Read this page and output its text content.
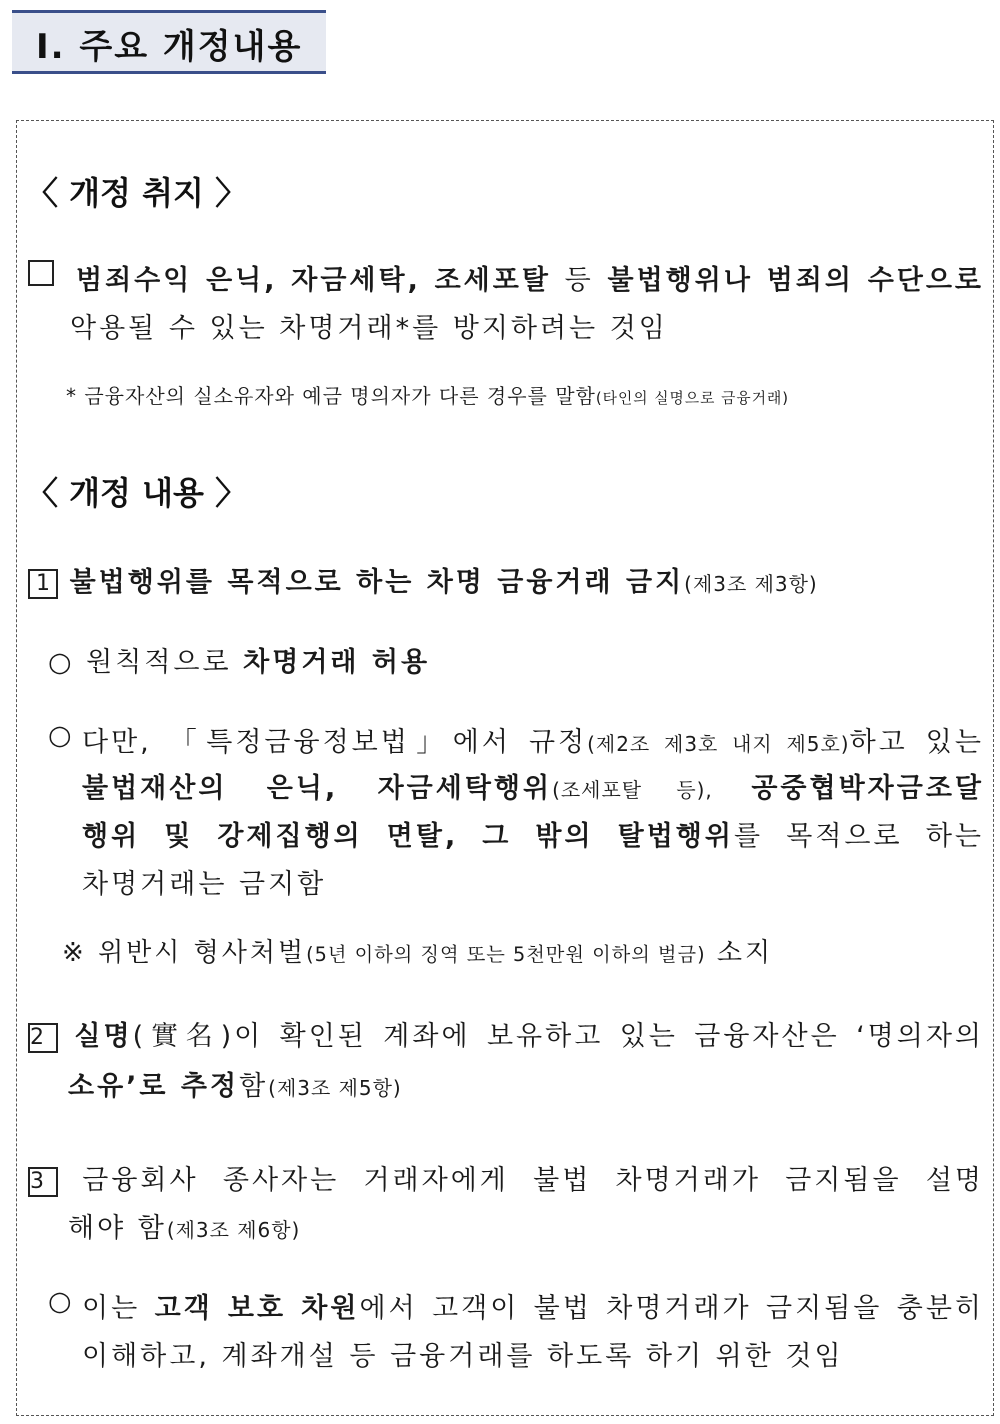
Ⅰ. 주요 개정내용
〈 개정 취지 〉
범죄수익 은닉, 자금세탁, 조세포탈 등 불법행위나 범죄의 수단으로
악용될 수 있는 차명거래*를 방지하려는 것임
* 금융자산의 실소유자와 예금 명의자가 다른 경우를 말함(타인의 실명으로 금융거래)
〈 개정 내용 〉
1 불법행위를 목적으로 하는 차명 금융거래 금지(제3조 제3항)
○ 원칙적으로 차명거래 허용
○ 다만, 「특정금융정보법」에서 규정(제2조 제3호 내지 제5호)하고 있는
불법재산의 은닉, 자금세탁행위(조세포탈 등), 공중협박자금조달
행위 및 강제집행의 면탈, 그 밖의 탈법행위를 목적으로 하는
차명거래는 금지함
※ 위반시 형사처벌(5년 이하의 징역 또는 5천만원 이하의 벌금) 소지
2 실명(實名)이 확인된 계좌에 보유하고 있는 금융자산은 ‘명의자의
소유’로 추정함(제3조 제5항)
3 금융회사 종사자는 거래자에게 불법 차명거래가 금지됨을 설명
해야 함(제3조 제6항)
○ 이는 고객 보호 차원에서 고객이 불법 차명거래가 금지됨을 충분히
이해하고, 계좌개설 등 금융거래를 하도록 하기 위한 것임
